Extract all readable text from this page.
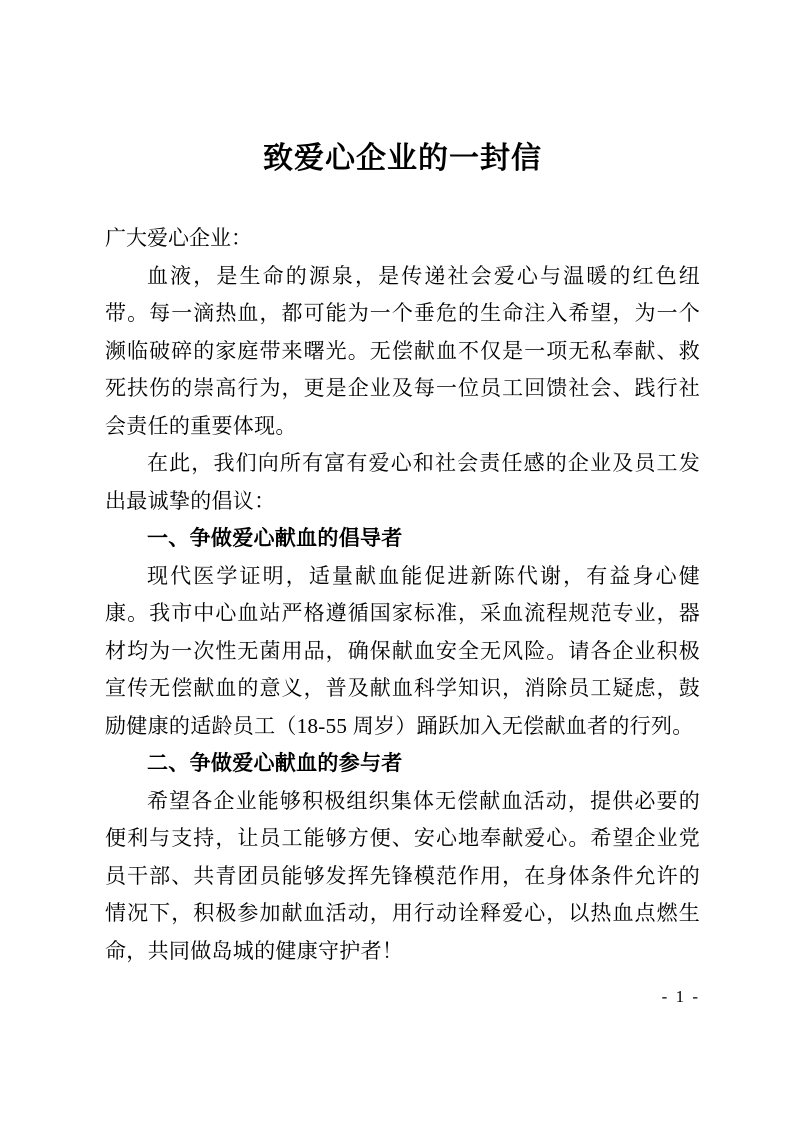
致爱心企业的一封信

广大爱心企业：

血液，是生命的源泉，是传递社会爱心与温暖的红色纽带。每一滴热血，都可能为一个垂危的生命注入希望，为一个濒临破碎的家庭带来曙光。无偿献血不仅是一项无私奉献、救死扶伤的崇高行为，更是企业及每一位员工回馈社会、践行社会责任的重要体现。

在此，我们向所有富有爱心和社会责任感的企业及员工发出最诚挚的倡议：

一、争做爱心献血的倡导者

现代医学证明，适量献血能促进新陈代谢，有益身心健康。我市中心血站严格遵循国家标准，采血流程规范专业，器材均为一次性无菌用品，确保献血安全无风险。请各企业积极宣传无偿献血的意义，普及献血科学知识，消除员工疑虑，鼓励健康的适龄员工（18-55 周岁）踊跃加入无偿献血者的行列。

二、争做爱心献血的参与者

希望各企业能够积极组织集体无偿献血活动，提供必要的便利与支持，让员工能够方便、安心地奉献爱心。希望企业党员干部、共青团员能够发挥先锋模范作用，在身体条件允许的情况下，积极参加献血活动，用行动诠释爱心，以热血点燃生命，共同做岛城的健康守护者！

- 1 -
